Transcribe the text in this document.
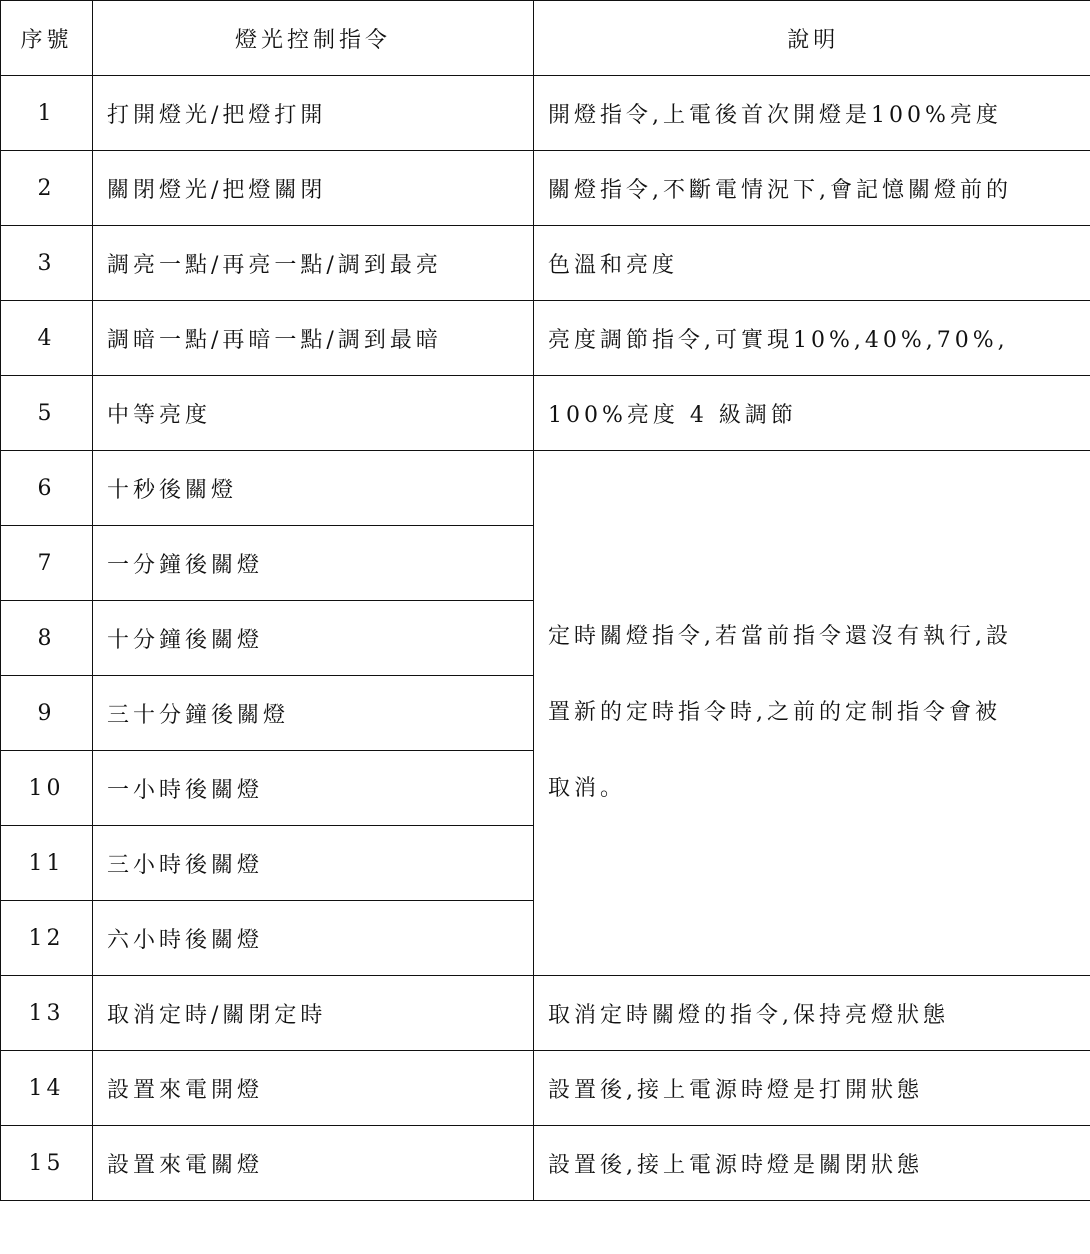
序號	燈光控制指令	說明
1	打開燈光/把燈打開	開燈指令,上電後首次開燈是100%亮度
2	關閉燈光/把燈關閉	關燈指令,不斷電情況下,會記憶關燈前的
3	調亮一點/再亮一點/調到最亮	色溫和亮度
4	調暗一點/再暗一點/調到最暗	亮度調節指令,可實現10%,40%,70%,
5	中等亮度	100%亮度 4 級調節
6	十秒後關燈	定時關燈指令,若當前指令還沒有執行,設
置新的定時指令時,之前的定制指令會被
取消。

7	一分鐘後關燈	
8	十分鐘後關燈	
9	三十分鐘後關燈	
10	一小時後關燈	
11	三小時後關燈	
12	六小時後關燈	
13	取消定時/關閉定時	取消定時關燈的指令,保持亮燈狀態
14	設置來電開燈	設置後,接上電源時燈是打開狀態
15	設置來電關燈	設置後,接上電源時燈是關閉狀態
